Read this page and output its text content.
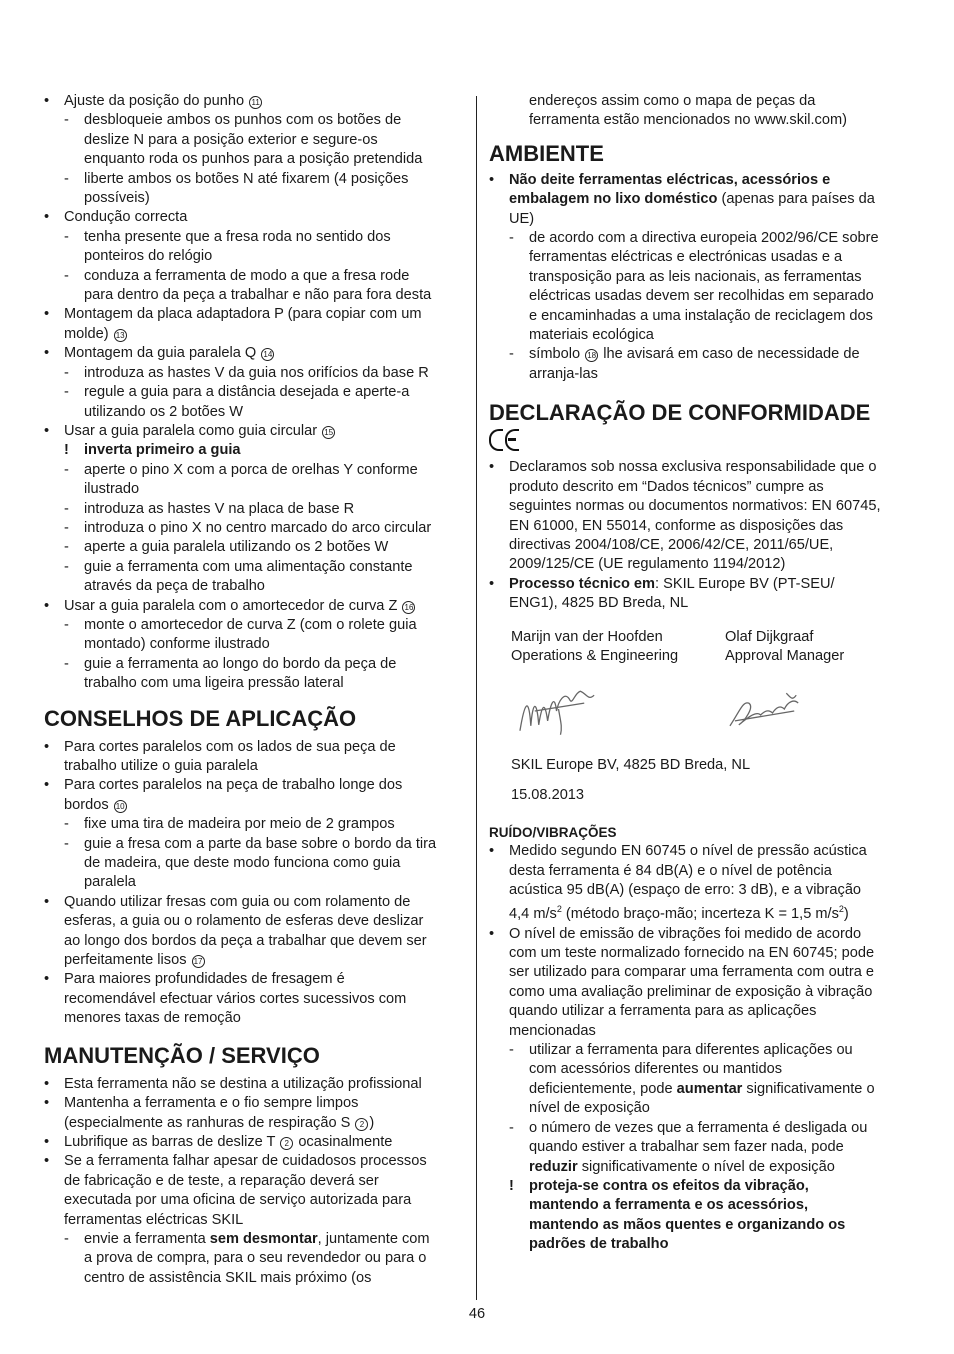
• Ajuste da posição do punho 11
- desbloqueie ambos os punhos com os botões de
deslize N para a posição exterior e segure-os
enquanto roda os punhos para a posição pretendida
- liberte ambos os botões N até fixarem (4 posições
possíveis)
• Condução correcta
- tenha presente que a fresa roda no sentido dos
ponteiros do relógio
- conduza a ferramenta de modo a que a fresa rode
para dentro da peça a trabalhar e não para fora desta
• Montagem da placa adaptadora P (para copiar com um
molde) 13
• Montagem da guia paralela Q 14
- introduza as hastes V da guia nos orifícios da base R
- regule a guia para a distância desejada e aperte-a
utilizando os 2 botões W
• Usar a guia paralela como guia circular 15
! inverta primeiro a guia
- aperte o pino X com a porca de orelhas Y conforme
ilustrado
- introduza as hastes V na placa de base R
- introduza o pino X no centro marcado do arco circular
- aperte a guia paralela utilizando os 2 botões W
- guie a ferramenta com uma alimentação constante
através da peça de trabalho
• Usar a guia paralela com o amortecedor de curva Z 16
- monte o amortecedor de curva Z (com o rolete guia
montado) conforme ilustrado
- guie a ferramenta ao longo do bordo da peça de
trabalho com uma ligeira pressão lateral
CONSELHOS DE APLICAÇÃO
• Para cortes paralelos com os lados de sua peça de
trabalho utilize o guia paralela
• Para cortes paralelos na peça de trabalho longe dos
bordos 10
- fixe uma tira de madeira por meio de 2 grampos
- guie a fresa com a parte da base sobre o bordo da tira
de madeira, que deste modo funciona como guia
paralela
• Quando utilizar fresas com guia ou com rolamento de
esferas, a guia ou o rolamento de esferas deve deslizar
ao longo dos bordos da peça a trabalhar que devem ser
perfeitamente lisos 17
• Para maiores profundidades de fresagem é
recomendável efectuar vários cortes sucessivos com
menores taxas de remoção
MANUTENÇÃO / SERVIÇO
• Esta ferramenta não se destina a utilização profissional
• Mantenha a ferramenta e o fio sempre limpos
(especialmente as ranhuras de respiração S 2 )
• Lubrifique as barras de deslize T 2 ocasinalmente
• Se a ferramenta falhar apesar de cuidadosos processos
de fabricação e de teste, a reparação deverá ser
executada por uma oficina de serviço autorizada para
ferramentas eléctricas SKIL
- envie a ferramenta sem desmontar, juntamente com
a prova de compra, para o seu revendedor ou para o
centro de assistência SKIL mais próximo (os
endereços assim como o mapa de peças da
ferramenta estão mencionados no www.skil.com)
AMBIENTE
• Não deite ferramentas eléctricas, acessórios e
embalagem no lixo doméstico (apenas para países da
UE)
- de acordo com a directiva europeia 2002/96/CE sobre
ferramentas eléctricas e electrónicas usadas e a
transposição para as leis nacionais, as ferramentas
eléctricas usadas devem ser recolhidas em separado
e encaminhadas a uma instalação de reciclagem dos
materiais ecológica
- símbolo 18 lhe avisará em caso de necessidade de
arranja-las
DECLARAÇÃO DE CONFORMIDADE
• Declaramos sob nossa exclusiva responsabilidade que o
produto descrito em “Dados técnicos” cumpre as
seguintes normas ou documentos normativos: EN 60745,
EN 61000, EN 55014, conforme as disposições das
directivas 2004/108/CE, 2006/42/CE, 2011/65/UE,
2009/125/CE (UE regulamento 1194/2012)
• Processo técnico em: SKIL Europe BV (PT-SEU/
ENG1), 4825 BD Breda, NL
Marijn van der Hoofden
Operations & Engineering
Olaf Dijkgraaf
Approval Manager
SKIL Europe BV, 4825 BD Breda, NL
15.08.2013
RUÍDO/VIBRAÇÕES
• Medido segundo EN 60745 o nível de pressão acústica
desta ferramenta é 84 dB(A) e o nível de potência
acústica 95 dB(A) (espaço de erro: 3 dB), e a vibração
4,4 $m/s^2$ (método braço-mão; incerteza K = 1,5 $m/s^2$)
• O nível de emissão de vibrações foi medido de acordo
com um teste normalizado fornecido na EN 60745; pode
ser utilizado para comparar uma ferramenta com outra e
como uma avaliação preliminar de exposição à vibração
quando utilizar a ferramenta para as aplicações
mencionadas
- utilizar a ferramenta para diferentes aplicações ou
com acessórios diferentes ou mantidos
deficientemente, pode aumentar significativamente o
nível de exposição
- o número de vezes que a ferramenta é desligada ou
quando estiver a trabalhar sem fazer nada, pode
reduzir significativamente o nível de exposição
! proteja-se contra os efeitos da vibração,
mantendo a ferramenta e os acessórios,
mantendo as mãos quentes e organizando os
padrões de trabalho
46
